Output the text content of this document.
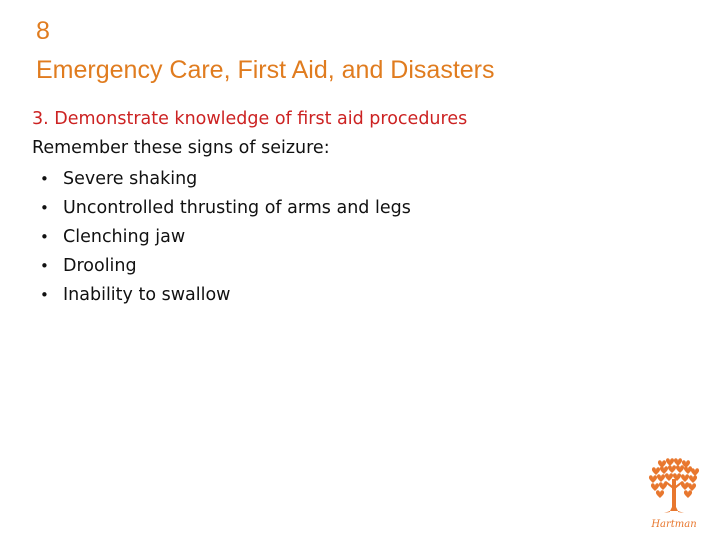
8
Emergency Care, First Aid, and Disasters
3. Demonstrate knowledge of first aid procedures
Remember these signs of seizure:
• Severe shaking
• Uncontrolled thrusting of arms and legs
• Clenching jaw
• Drooling
• Inability to swallow
Hartman
